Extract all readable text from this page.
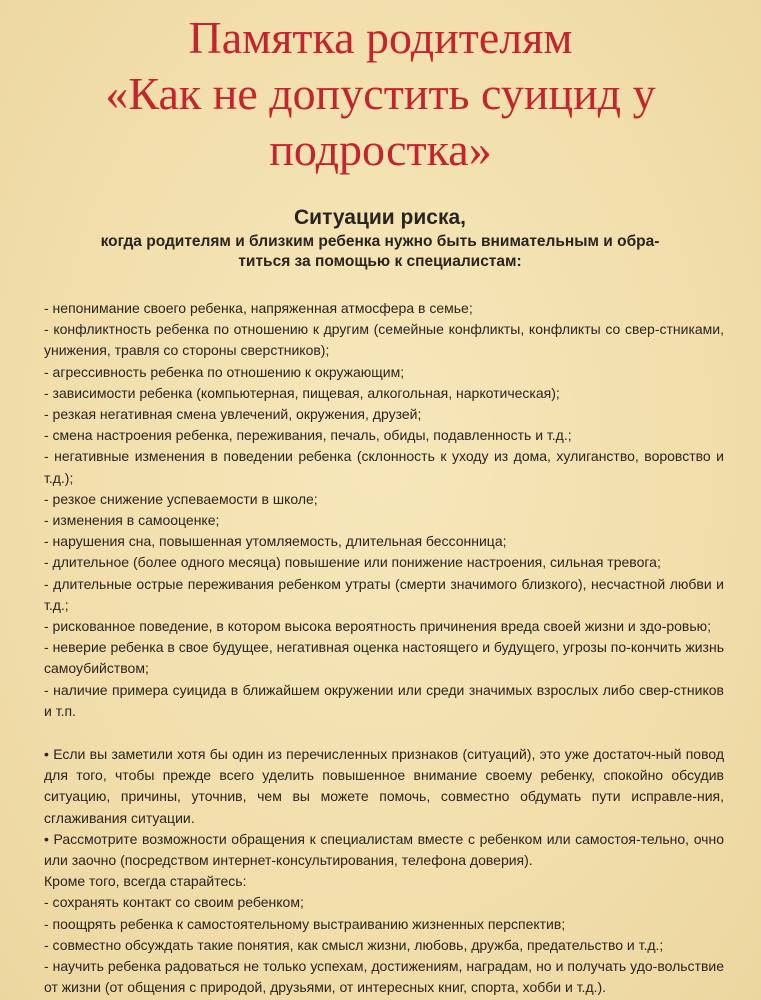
Памятка родителям
«Как не допустить суицид у
подростка»
Ситуации риска,
когда родителям и близким ребенка нужно быть внимательным и обра-
титься за помощью к специалистам:

- непонимание своего ребенка, напряженная атмосфера в семье;

- конфликтность ребенка по отношению к другим (семейные конфликты, конфликты со свер-стниками, унижения, травля со стороны сверстников);

- агрессивность ребенка по отношению к окружающим;

- зависимости ребенка (компьютерная, пищевая, алкогольная, наркотическая);

- резкая негативная смена увлечений, окружения, друзей;

- смена настроения ребенка, переживания, печаль, обиды, подавленность и т.д.;

- негативные изменения в поведении ребенка (склонность к уходу из дома, хулиганство, воровство и т.д.);

- резкое снижение успеваемости в школе;

- изменения в самооценке;

- нарушения сна, повышенная утомляемость, длительная бессонница;

- длительное (более одного месяца) повышение или понижение настроения, сильная тревога;

- длительные острые переживания ребенком утраты (смерти значимого близкого), несчастной любви и т.д.;

- рискованное поведение, в котором высока вероятность причинения вреда своей жизни и здо-ровью;

- неверие ребенка в свое будущее, негативная оценка настоящего и будущего, угрозы по-кончить жизнь самоубийством;

- наличие примера суицида в ближайшем окружении или среди значимых взрослых либо свер-стников и т.п.

• Если вы заметили хотя бы один из перечисленных признаков (ситуаций), это уже достаточ-ный повод для того, чтобы прежде всего уделить повышенное внимание своему ребенку, спокойно обсудив ситуацию, причины, уточнив, чем вы можете помочь, совместно обдумать пути исправле-ния, сглаживания ситуации.

• Рассмотрите возможности обращения к специалистам вместе с ребенком или самостоя-тельно, очно или заочно (посредством интернет-консультирования, телефона доверия).

Кроме того, всегда старайтесь:

- сохранять контакт со своим ребенком;

- поощрять ребенка к самостоятельному выстраиванию жизненных перспектив;

- совместно обсуждать такие понятия, как смысл жизни, любовь, дружба, предательство и т.д.;

- научить ребенка радоваться не только успехам, достижениям, наградам, но и получать удо-вольствие от жизни (от общения с природой, друзьями, от интересных книг, спорта, хобби и т.д.).
